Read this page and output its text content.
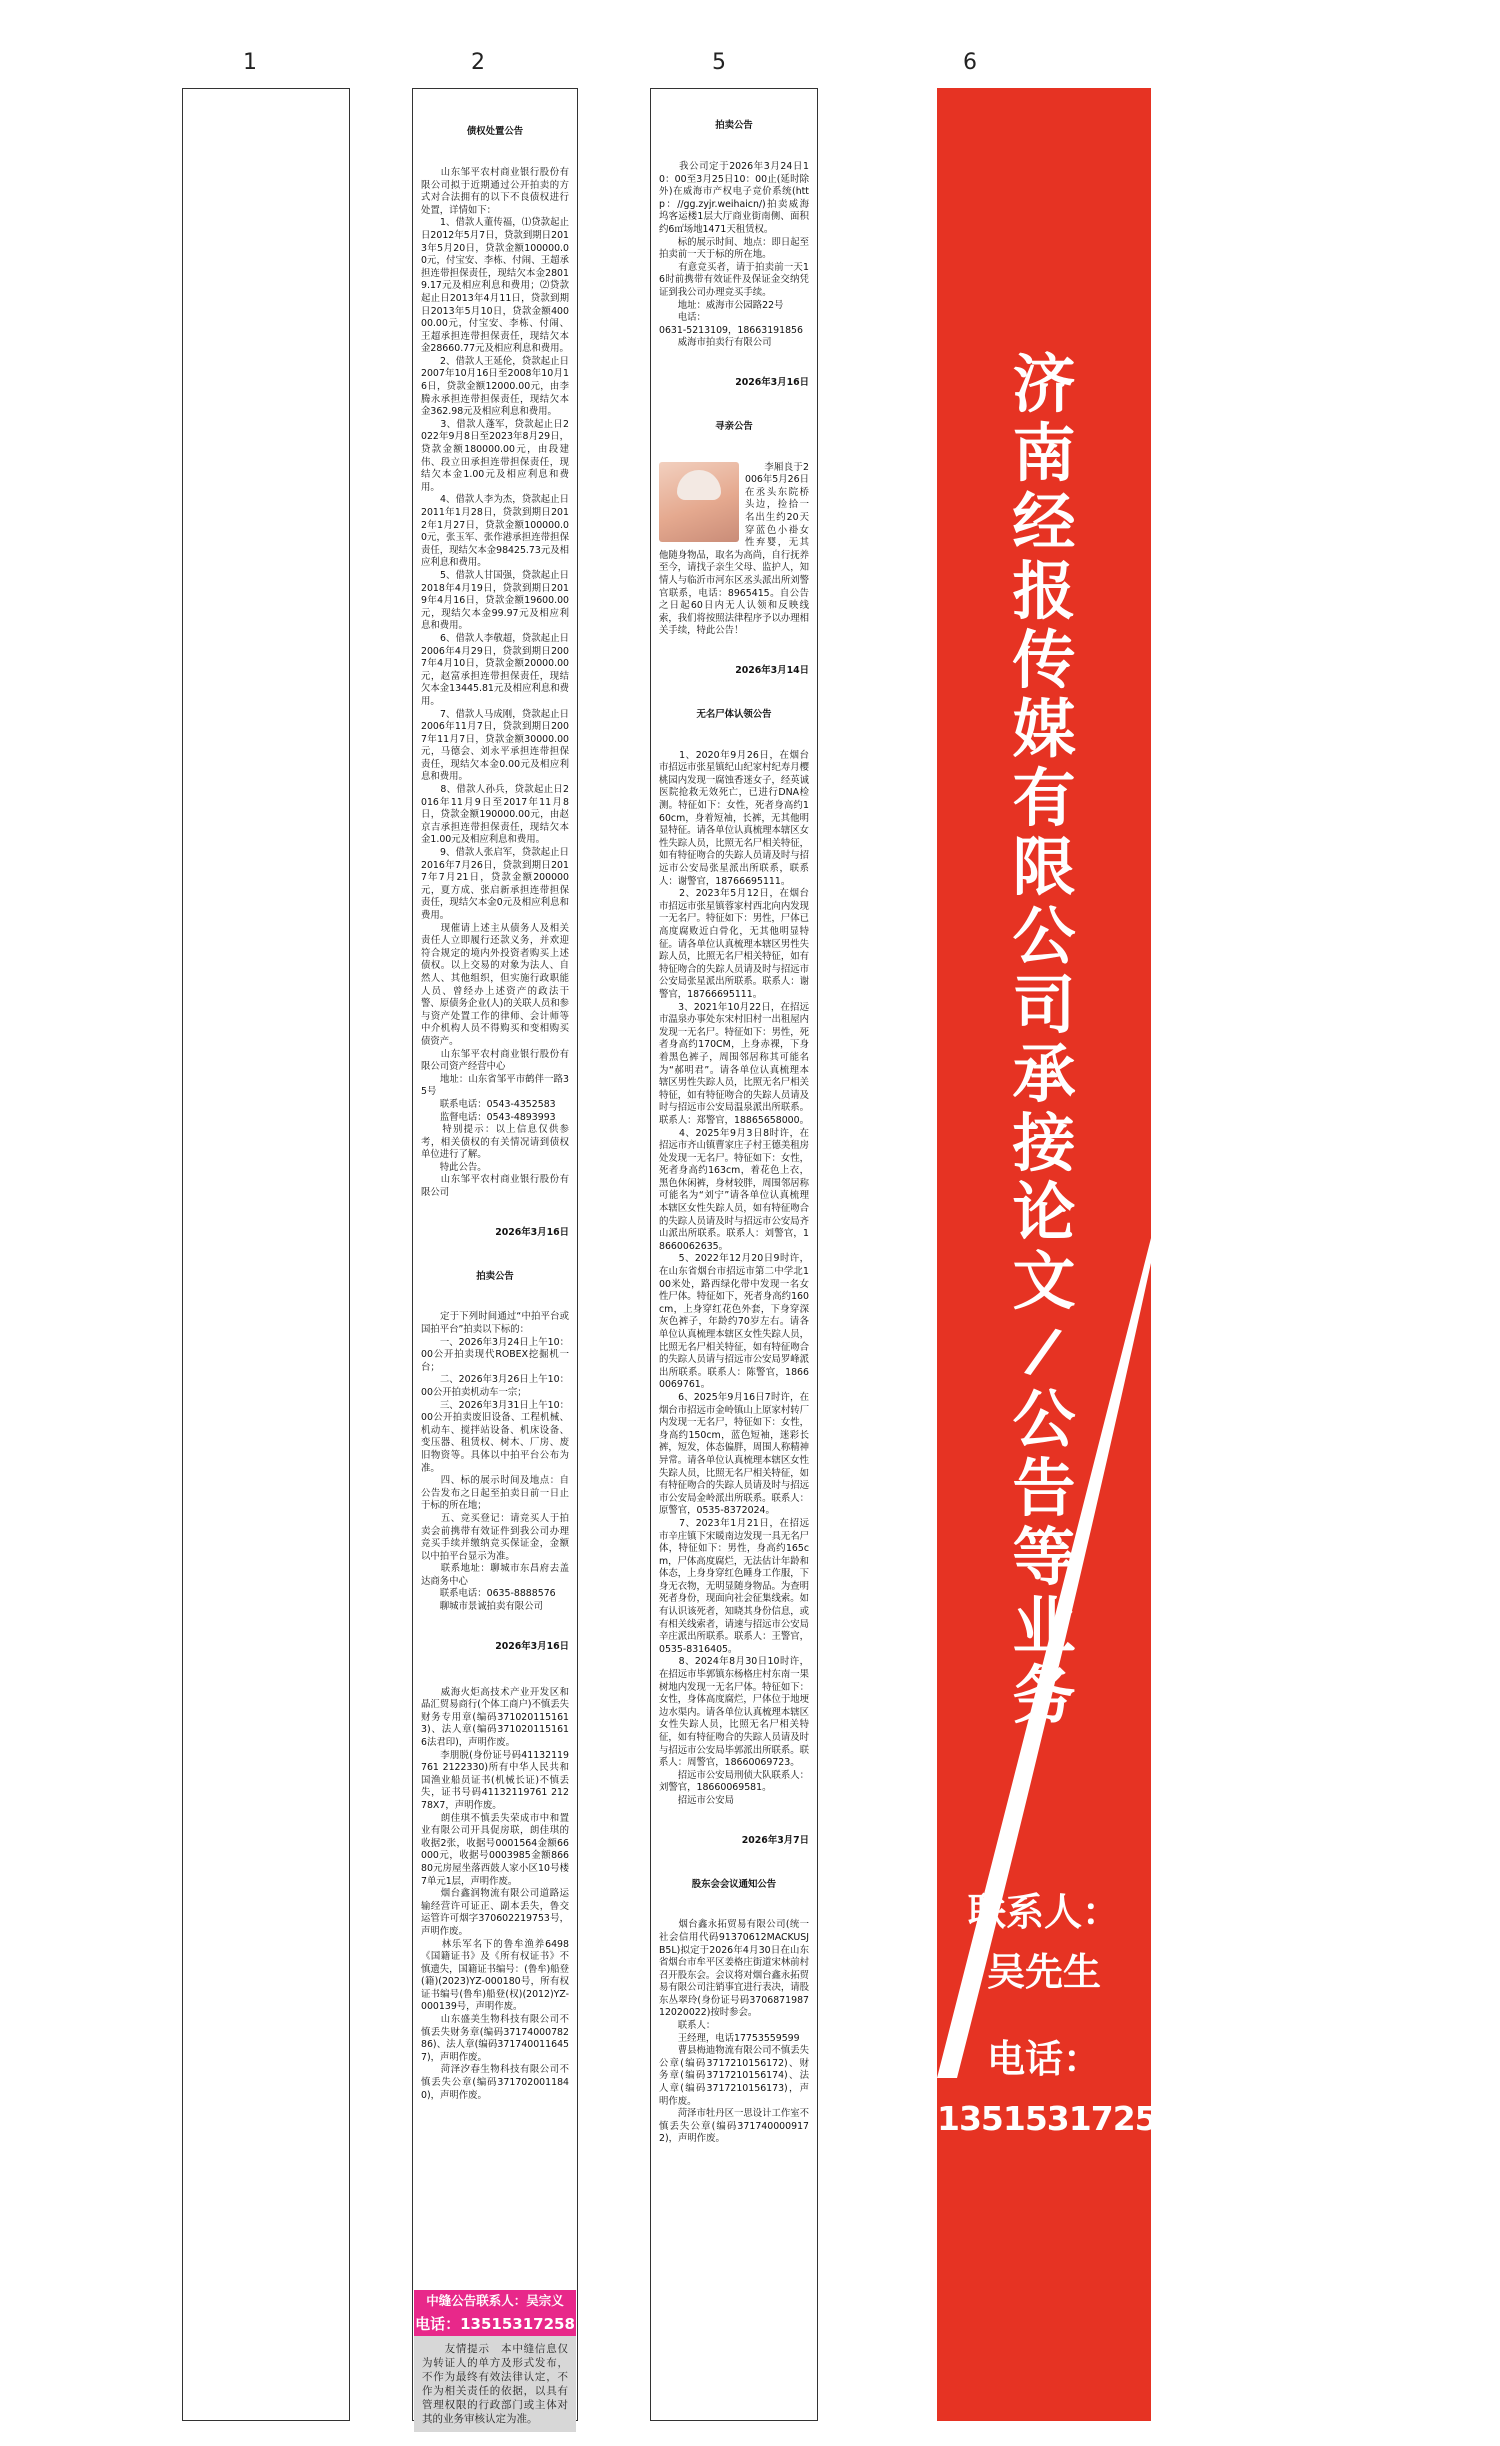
1	2	5	6

债权处置公告

　　山东邹平农村商业银行股份有限公司拟于近期通过公开拍卖的方式对合法拥有的以下不良债权进行处置，详情如下：
　　1、借款人董传福，⑴贷款起止日2012年5月7日，贷款到期日2013年5月20日，贷款金额100000.00元，付宝安、李栋、付闹、王超承担连带担保责任，现结欠本金28019.17元及相应利息和费用；⑵贷款起止日2013年4月11日，贷款到期日2013年5月10日，贷款金额40000.00元，付宝安、李栋、付闹、王超承担连带担保责任，现结欠本金28660.77元及相应利息和费用。
　　2、借款人王延伦，贷款起止日2007年10月16日至2008年10月16日，贷款金额12000.00元，由李腾永承担连带担保责任，现结欠本金362.98元及相应利息和费用。
　　3、借款人蓬军，贷款起止日2022年9月8日至2023年8月29日，贷款金额180000.00元，由段建伟、段立田承担连带担保责任，现结欠本金1.00元及相应利息和费用。
　　4、借款人李为杰，贷款起止日2011年1月28日，贷款到期日2012年1月27日，贷款金额100000.00元，张玉军、张作港承担连带担保责任，现结欠本金98425.73元及相应利息和费用。
　　5、借款人甘国强，贷款起止日2018年4月19日，贷款到期日2019年4月16日，贷款金额19600.00元，现结欠本金99.97元及相应利息和费用。
　　6、借款人李敬超，贷款起止日2006年4月29日，贷款到期日2007年4月10日，贷款金额20000.00元，赵富承担连带担保责任，现结欠本金13445.81元及相应利息和费用。
　　7、借款人马成刚，贷款起止日2006年11月7日，贷款到期日2007年11月7日，贷款金额30000.00元，马德会、刘永平承担连带担保责任，现结欠本金0.00元及相应利息和费用。
　　8、借款人孙兵，贷款起止日2016年11月9日至2017年11月8日，贷款金额190000.00元，由赵京吉承担连带担保责任，现结欠本金1.00元及相应利息和费用。
　　9、借款人张启军，贷款起止日2016年7月26日，贷款到期日2017年7月21日，贷款金额200000元，夏方成、张启新承担连带担保责任，现结欠本金0元及相应利息和费用。
　　现催请上述主从债务人及相关责任人立即履行还款义务，并欢迎符合规定的境内外投资者购买上述债权。以上交易的对象为法人、自然人、其他组织，但实施行政职能人员、曾经办上述资产的政法干警、原债务企业(人)的关联人员和参与资产处置工作的律师、会计师等中介机构人员不得购买和变相购买债资产。
　　山东邹平农村商业银行股份有限公司资产经营中心
　　地址：山东省邹平市鹤伴一路35号
　　联系电话：0543-4352583
　　监督电话：0543-4893993
　　特别提示：以上信息仅供参考，相关债权的有关情况请到债权单位进行了解。
　　特此公告。
　　山东邹平农村商业银行股份有限公司

2026年3月16日

拍卖公告

　　定于下列时间通过“中拍平台或国拍平台”拍卖以下标的：
　　一、2026年3月24日上午10：00公开拍卖现代ROBEX挖掘机一台；
　　二、2026年3月26日上午10：00公开拍卖机动车一宗；
　　三、2026年3月31日上午10：00公开拍卖废旧设备、工程机械、机动车、搅拌站设备、机床设备、变压器、租赁权、树木、厂房、废旧物资等。具体以中拍平台公布为准。
　　四、标的展示时间及地点：自公告发布之日起至拍卖日前一日止于标的所在地；
　　五、竞买登记：请竞买人于拍卖会前携带有效证件到我公司办理竞买手续并缴纳竞买保证金，金额以中拍平台显示为准。
　　联系地址：聊城市东昌府去盖达商务中心
　　联系电话：0635-8888576
　　聊城市景诚拍卖有限公司

2026年3月16日

　　威海火炬高技术产业开发区和晶汇贸易商行(个体工商户)不慎丢失财务专用章(编码3710201151613)、法人章(编码371020115161 6法君印)，声明作废。
　　李朋脱(身份证号码41132119761 2122330)所有中华人民共和国渔业船员证书(机械长证)不慎丢失，证书号码41132119761 21278X7，声明作废。
　　朗佳琪不慎丢失荣成市中和置业有限公司开具促房联，朗佳琪的收据2张，收据号0001564金额66000元，收据号0003985金额86680元房屋坐落西鼓人家小区10号楼7单元1层，声明作废。
　　烟台鑫润物流有限公司道路运输经营许可证正、副本丢失，鲁交运管许可烟字370602219753号，声明作废。
　　林乐军名下的鲁牟渔养6498《国籍证书》及《所有权证书》不慎遗失，国籍证书编号：(鲁牟)船登(籍)(2023)YZ-000180号，所有权证书编号(鲁牟)船登(权)(2012)YZ-000139号，声明作废。
　　山东盛美生物科技有限公司不慎丢失财务章(编码3717400078286)、法人章(编码3717400116457)，声明作废。
　　菏泽汐春生物科技有限公司不慎丢失公章(编码3717020011840)，声明作废。

中缝公告联系人：吴宗义
电话：13515317258
　　友情提示　本中缝信息仅为转证人的单方及形式发布，不作为最终有效法律认定，不作为相关责任的依据，以具有管理权限的行政部门或主体对其的业务审核认定为准。

拍卖公告

　　我公司定于2026年3月24日10：00至3月25日10：00止(延时除外)在威海市产权电子竞价系统(http：//gg.zyjr.weihaicn/)拍卖威海坞客运楼1层大厅商业街南侧、面积约6㎡场地1471天租赁权。
　　标的展示时间、地点：即日起至拍卖前一天于标的所在地。
　　有意竞买者，请于拍卖前一天16时前携带有效证件及保证金交纳凭证到我公司办理竞买手续。
　　地址：威海市公园路22号
　　电话：
0631-5213109，18663191856
　　威海市拍卖行有限公司

2026年3月16日

寻亲公告

　　李厢良于2006年5月26日在丞头东院桥头边，捡拾一名出生约20天穿蓝色小褂女性弃婴，无其他随身物品，取名为高尚，自行抚养至今，请找子亲生父母、监护人，知情人与临沂市河东区丞头派出所刘警官联系，电话：8965415。自公告之日起60日内无人认领和反映线索，我们将按照法律程序予以办理相关手续，特此公告！

2026年3月14日

无名尸体认领公告

　　1、2020年9月26日，在烟台市招远市张星镇纪山纪家村纪寿月樱桃园内发现一腐蚀香迷女子，经英诚医院抢救无效死亡，已进行DNA检测。特征如下：女性，死者身高约160cm，身着短袖，长裤，无其他明显特征。请各单位认真梳理本辖区女性失踪人员，比照无名尸相关特征，如有特征吻合的失踪人员请及时与招远市公安局张星派出所联系，联系人：谢警官，18766695111。
　　2、2023年5月12日，在烟台市招远市张星镇蓉家村西北向内发现一无名尸。特征如下：男性，尸体已高度腐败近白骨化，无其他明显特征。请各单位认真梳理本辖区男性失踪人员，比照无名尸相关特征，如有特征吻合的失踪人员请及时与招远市公安局张星派出所联系。联系人：谢警官，18766695111。
　　3、2021年10月22日，在招远市温泉办事处东宋村旧村一出租屋内发现一无名尸。特征如下：男性，死者身高约170CM，上身赤裸，下身着黑色裤子，周围邻居称其可能名为“郝明君”。请各单位认真梳理本辖区男性失踪人员，比照无名尸相关特征，如有特征吻合的失踪人员请及时与招远市公安局温泉派出所联系。联系人：郑警官，18865658000。
　　4、2025年9月3日8时许，在招远市齐山镇曹家庄子村王德美租房处发现一无名尸。特征如下：女性，死者身高约163cm，着花色上衣，黑色休闲裤，身材较胖，周围邻居称可能名为“刘宁”请各单位认真梳理本辖区女性失踪人员，如有特征吻合的失踪人员请及时与招远市公安局齐山派出所联系。联系人：刘警官，18660062635。
　　5、2022年12月20日9时许，在山东省烟台市招远市第二中学北100米处，路西绿化带中发现一名女性尸体。特征如下，死者身高约160cm，上身穿红花色外套，下身穿深灰色裤子，年龄约70岁左右。请各单位认真梳理本辖区女性失踪人员，比照无名尸相关特征，如有特征吻合的失踪人员请与招远市公安局罗峰派出所联系。联系人：陈警官，18660069761。
　　6、2025年9月16日7时许，在烟台市招远市金岭镇山上原家村转厂内发现一无名尸，特征如下：女性，身高约150cm，蓝色短袖，迷彩长裤，短发，体态偏胖，周围人称精神异常。请各单位认真梳理本辖区女性失踪人员，比照无名尸相关特征，如有特征吻合的失踪人员请及时与招远市公安局金岭派出所联系。联系人：原警官，0535-8372024。
　　7、2023年1月21日，在招远市辛庄镇下宋暖南边发现一具无名尸体，特征如下：男性，身高约165cm，尸体高度腐烂，无法估计年龄和体态，上身身穿红色睡身工作服，下身无衣物，无明显随身物品。为查明死者身份，现面向社会征集线索。如有认识该死者，知晓其身份信息，或有相关线索者，请速与招远市公安局辛庄派出所联系。联系人：王警官，0535-8316405。
　　8、2024年8月30日10时许，在招远市毕郭镇东杨格庄村东南一果树地内发现一无名尸体。特征如下：女性，身体高度腐烂，尸体位于地埂边水渠内。请各单位认真梳理本辖区女性失踪人员，比照无名尸相关特征，如有特征吻合的失踪人员请及时与招远市公安局毕郭派出所联系。联系人：周警官，18660069723。
　　招远市公安局刑侦大队联系人：刘警官，18660069581。
　　招远市公安局

2026年3月7日

股东会会议通知公告

　　烟台鑫永拓贸易有限公司(统一社会信用代码91370612MACKUSJB5L)拟定于2026年4月30日在山东省烟台市牟平区姜格庄街道宋林前村召开股东会。会议将对烟台鑫永拓贸易有限公司注销事宜进行表决，请股东丛翠玲(身份证号码370687198712020022)按时参会。
　　联系人：
　　王经理，电话17753559599
　　曹县梅迪物流有限公司不慎丢失公章(编码3717210156172)、财务章(编码3717210156174)、法人章(编码3717210156173)，声明作废。
　　菏泽市牡丹区一思设计工作室不慎丢失公章(编码3717400009172)，声明作废。

济
南
经
报
传
媒
有
限
公
司
承
接
论
文
/
公
告
等
业
务
联系人：
吴先生
电话：
13515317258
